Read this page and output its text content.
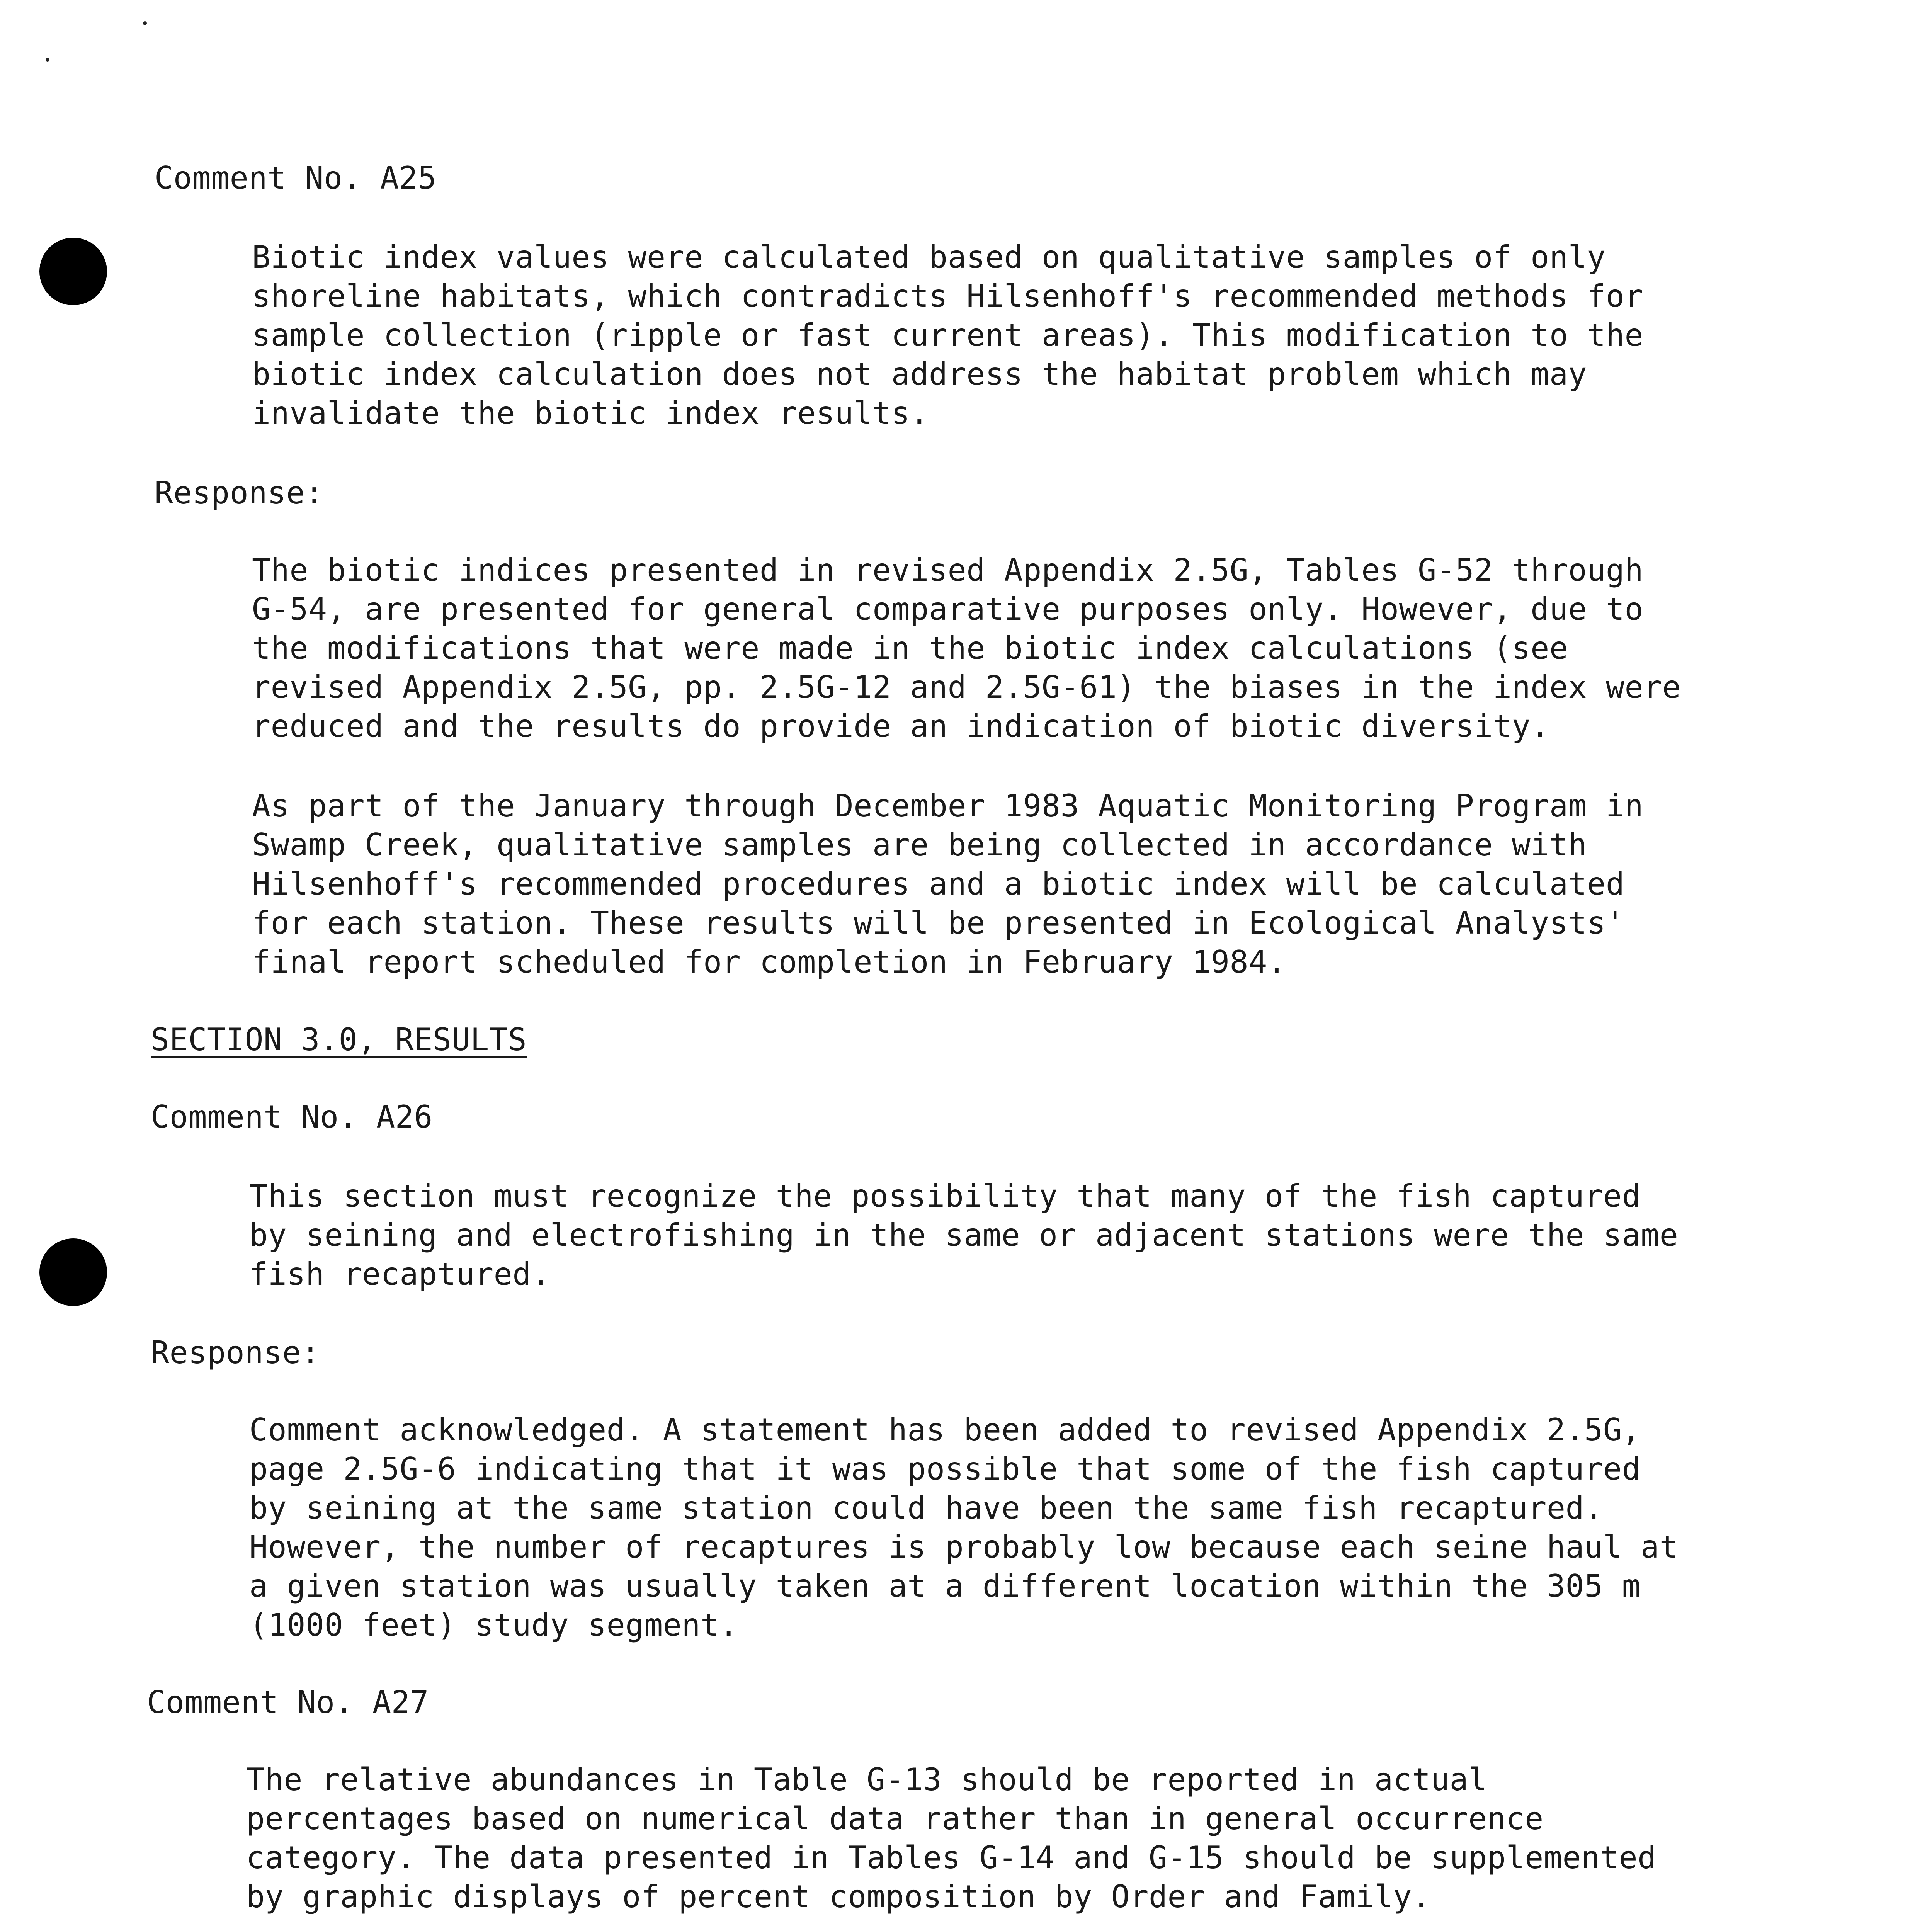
Comment No. A25
Biotic index values were calculated based on qualitative samples of only
shoreline habitats, which contradicts Hilsenhoff's recommended methods for
sample collection (ripple or fast current areas). This modification to the
biotic index calculation does not address the habitat problem which may
invalidate the biotic index results.
Response:
The biotic indices presented in revised Appendix 2.5G, Tables G-52 through
G-54, are presented for general comparative purposes only. However, due to
the modifications that were made in the biotic index calculations (see
revised Appendix 2.5G, pp. 2.5G-12 and 2.5G-61) the biases in the index were
reduced and the results do provide an indication of biotic diversity.
As part of the January through December 1983 Aquatic Monitoring Program in
Swamp Creek, qualitative samples are being collected in accordance with
Hilsenhoff's recommended procedures and a biotic index will be calculated
for each station. These results will be presented in Ecological Analysts'
final report scheduled for completion in February 1984.
SECTION 3.0, RESULTS
Comment No. A26
This section must recognize the possibility that many of the fish captured
by seining and electrofishing in the same or adjacent stations were the same
fish recaptured.
Response:
Comment acknowledged. A statement has been added to revised Appendix 2.5G,
page 2.5G-6 indicating that it was possible that some of the fish captured
by seining at the same station could have been the same fish recaptured.
However, the number of recaptures is probably low because each seine haul at
a given station was usually taken at a different location within the 305 m
(1000 feet) study segment.
Comment No. A27
The relative abundances in Table G-13 should be reported in actual
percentages based on numerical data rather than in general occurrence
category. The data presented in Tables G-14 and G-15 should be supplemented
by graphic displays of percent composition by Order and Family.
